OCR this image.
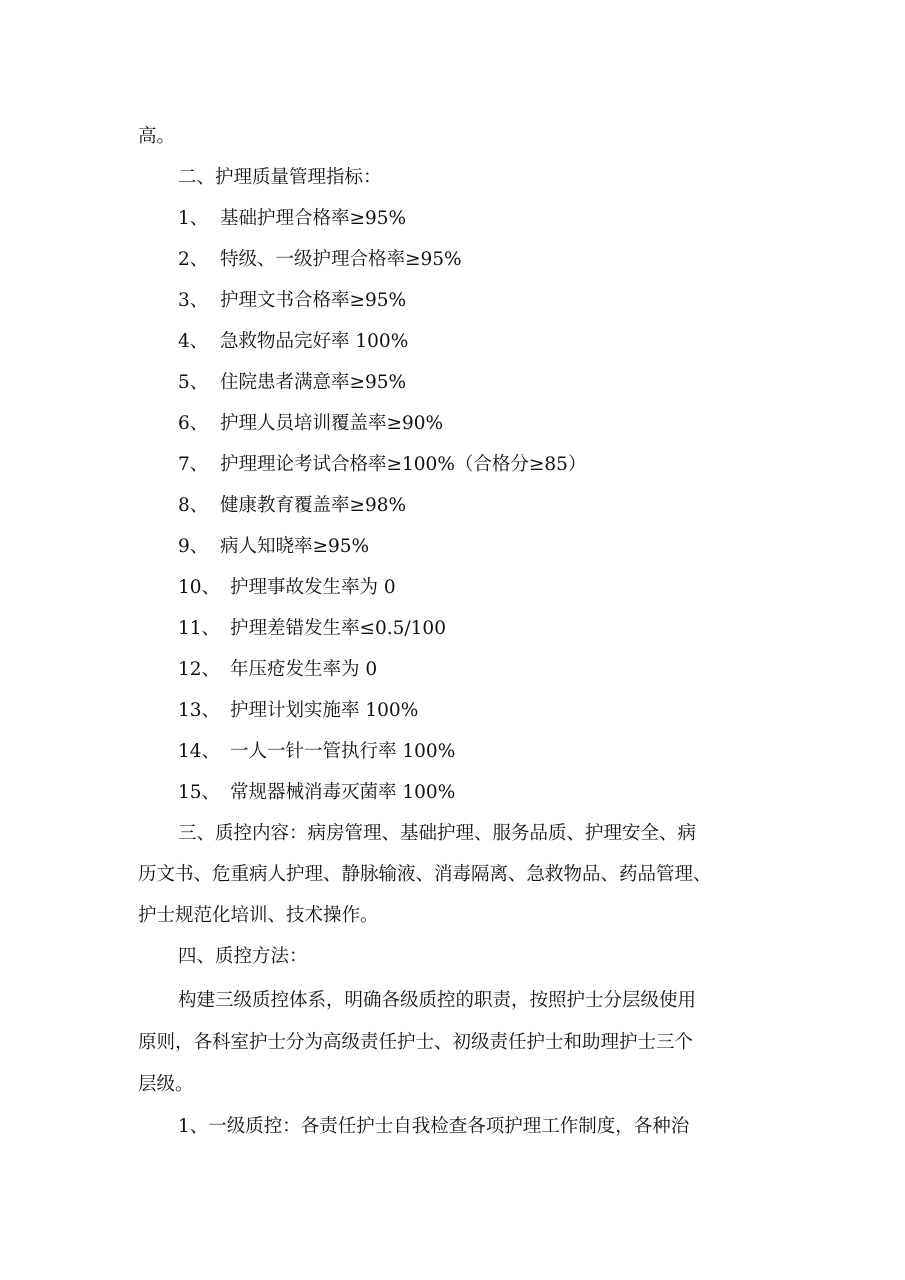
高。
二、护理质量管理指标：
1、 基础护理合格率≥95%
2、 特级、一级护理合格率≥95%
3、 护理文书合格率≥95%
4、 急救物品完好率 100%
5、 住院患者满意率≥95%
6、 护理人员培训覆盖率≥90%
7、 护理理论考试合格率≥100%（合格分≥85）
8、 健康教育覆盖率≥98%
9、 病人知晓率≥95%
10、 护理事故发生率为 0
11、 护理差错发生率≤0.5/100
12、 年压疮发生率为 0
13、 护理计划实施率 100%
14、 一人一针一管执行率 100%
15、 常规器械消毒灭菌率 100%
三、质控内容：病房管理、基础护理、服务品质、护理安全、病
历文书、危重病人护理、静脉输液、消毒隔离、急救物品、药品管理、
护士规范化培训、技术操作。
四、质控方法：
构建三级质控体系，明确各级质控的职责，按照护士分层级使用
原则，各科室护士分为高级责任护士、初级责任护士和助理护士三个
层级。
1、一级质控：各责任护士自我检查各项护理工作制度，各种治
